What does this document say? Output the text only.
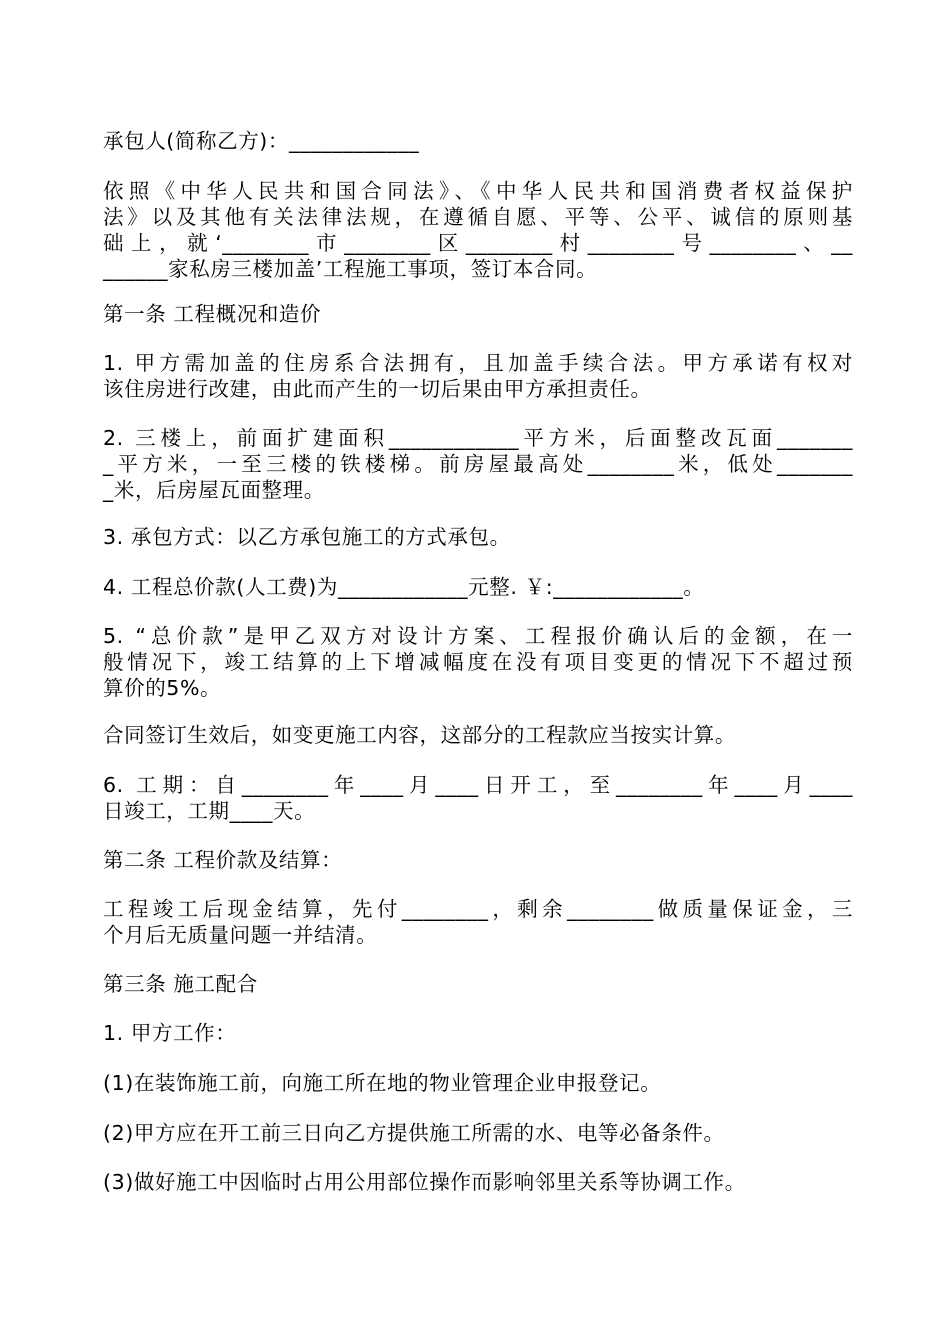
承包人(简称乙方)：____________

依照《中华人民共和国合同法》、《中华人民共和国消费者权益保护
法》以及其他有关法律法规，在遵循自愿、平等、公平、诚信的原则基
础上，就‘________市________区________村________号________、__
______家私房三楼加盖’工程施工事项，签订本合同。

第一条 工程概况和造价

1. 甲方需加盖的住房系合法拥有，且加盖手续合法。甲方承诺有权对
该住房进行改建，由此而产生的一切后果由甲方承担责任。

2. 三楼上，前面扩建面积____________平方米，后面整改瓦面_______
_平方米，一至三楼的铁楼梯。前房屋最高处________米，低处_______
_米，后房屋瓦面整理。

3. 承包方式：以乙方承包施工的方式承包。

4. 工程总价款(人工费)为____________元整. ￥:____________。

5. “总价款”是甲乙双方对设计方案、工程报价确认后的金额，在一
般情况下，竣工结算的上下增减幅度在没有项目变更的情况下不超过预
算价的5%。

合同签订生效后，如变更施工内容，这部分的工程款应当按实计算。

6. 工期：自________年____月____日开工，至________年____月____
日竣工，工期____天。

第二条 工程价款及结算：

工程竣工后现金结算，先付________，剩余________做质量保证金，三
个月后无质量问题一并结清。

第三条 施工配合

1. 甲方工作：

(1)在装饰施工前，向施工所在地的物业管理企业申报登记。

(2)甲方应在开工前三日向乙方提供施工所需的水、电等必备条件。

(3)做好施工中因临时占用公用部位操作而影响邻里关系等协调工作。
